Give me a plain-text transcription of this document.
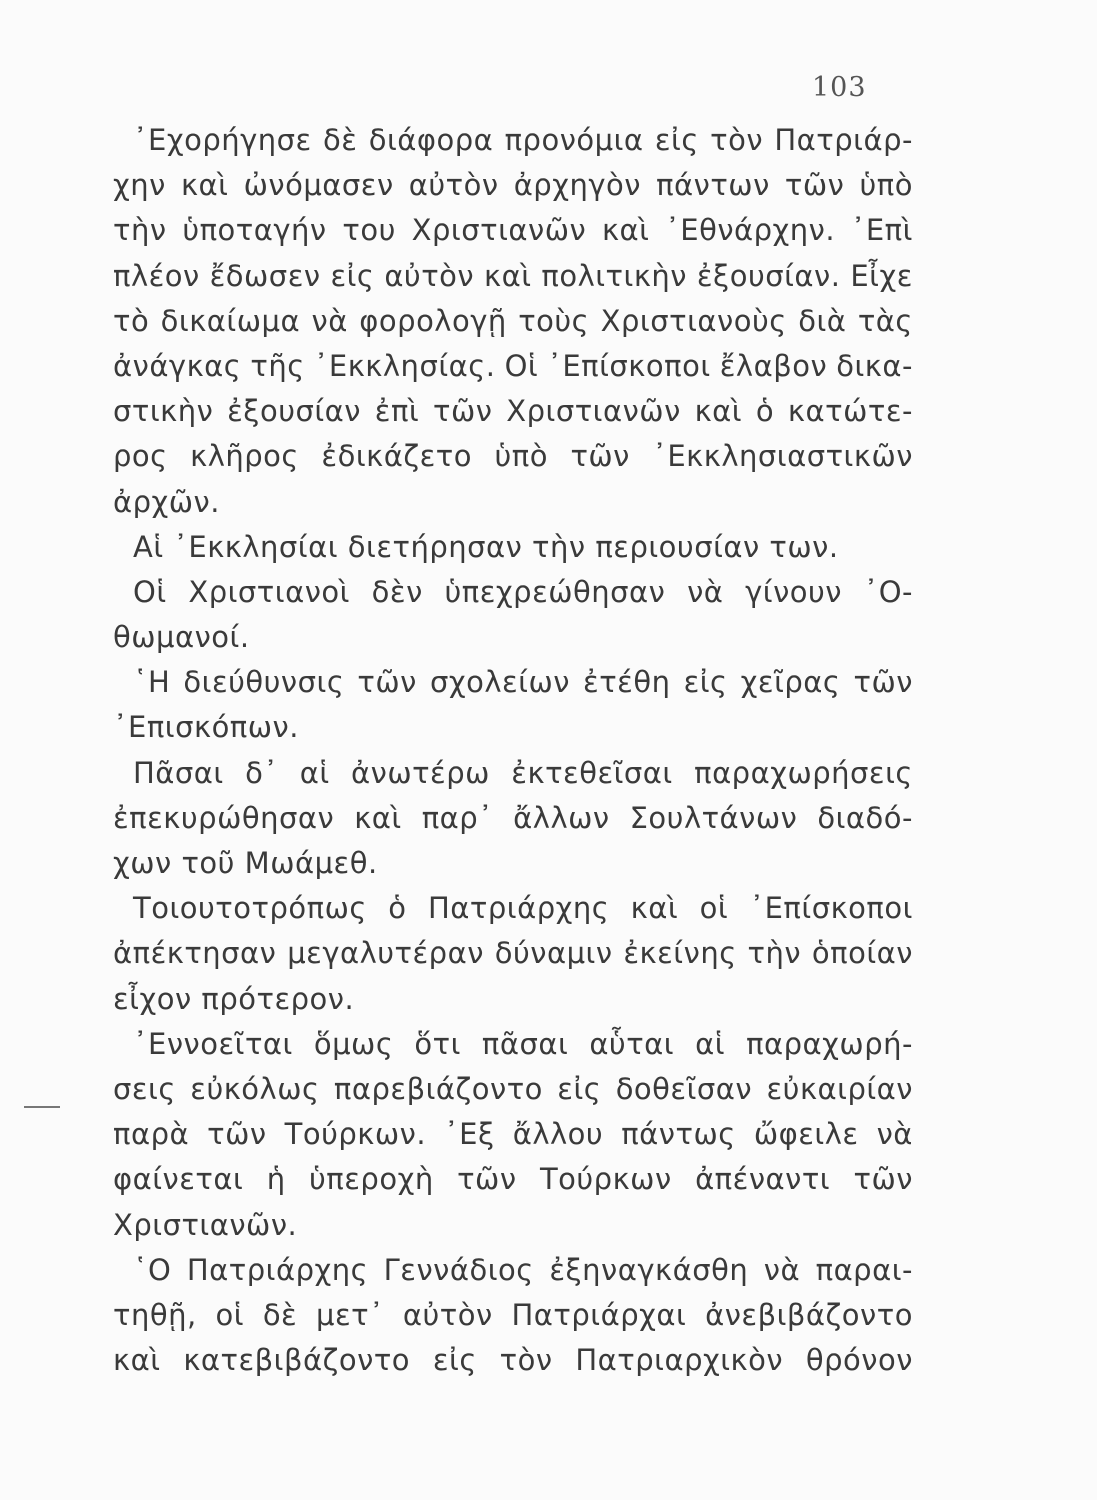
103
᾿Εχορήγησε δὲ διάφορα προνόμια εἰς τὸν Πατριάρ-
χην καὶ ὠνόμασεν αὐτὸν ἀρχηγὸν πάντων τῶν ὑπὸ
τὴν ὑποταγήν του Χριστιανῶν καὶ ᾿Εθνάρχην. ᾿Επὶ
πλέον ἔδωσεν εἰς αὐτὸν καὶ πολιτικὴν ἐξουσίαν. Εἶχε
τὸ δικαίωμα νὰ φορολογῇ τοὺς Χριστιανοὺς διὰ τὰς
ἀνάγκας τῆς ᾿Εκκλησίας. Οἱ ᾿Επίσκοποι ἔλαβον δικα-
στικὴν ἐξουσίαν ἐπὶ τῶν Χριστιανῶν καὶ ὁ κατώτε-
ρος κλῆρος ἐδικάζετο ὑπὸ τῶν ᾿Εκκλησιαστικῶν
ἀρχῶν.
Αἱ ᾿Εκκλησίαι διετήρησαν τὴν περιουσίαν των.
Οἱ Χριστιανοὶ δὲν ὑπεχρεώθησαν νὰ γίνουν ᾿Ο-
θωμανοί.
῾Η διεύθυνσις τῶν σχολείων ἐτέθη εἰς χεῖρας τῶν
᾿Επισκόπων.
Πᾶσαι δ᾿ αἱ ἀνωτέρω ἐκτεθεῖσαι παραχωρήσεις
ἐπεκυρώθησαν καὶ παρ᾿ ἄλλων Σουλτάνων διαδό-
χων τοῦ Μωάμεθ.
Τοιουτοτρόπως ὁ Πατριάρχης καὶ οἱ ᾿Επίσκοποι
ἀπέκτησαν μεγαλυτέραν δύναμιν ἐκείνης τὴν ὁποίαν
εἶχον πρότερον.
᾿Εννοεῖται ὅμως ὅτι πᾶσαι αὗται αἱ παραχωρή-
σεις εὐκόλως παρεβιάζοντο εἰς δοθεῖσαν εὐκαιρίαν
παρὰ τῶν Τούρκων. ᾿Εξ ἄλλου πάντως ὤφειλε νὰ
φαίνεται ἡ ὑπεροχὴ τῶν Τούρκων ἀπέναντι τῶν
Χριστιανῶν.
῾Ο Πατριάρχης Γεννάδιος ἐξηναγκάσθη νὰ παραι-
τηθῇ, οἱ δὲ μετ᾿ αὐτὸν Πατριάρχαι ἀνεβιβάζοντο
καὶ κατεβιβάζοντο εἰς τὸν Πατριαρχικὸν θρόνον
